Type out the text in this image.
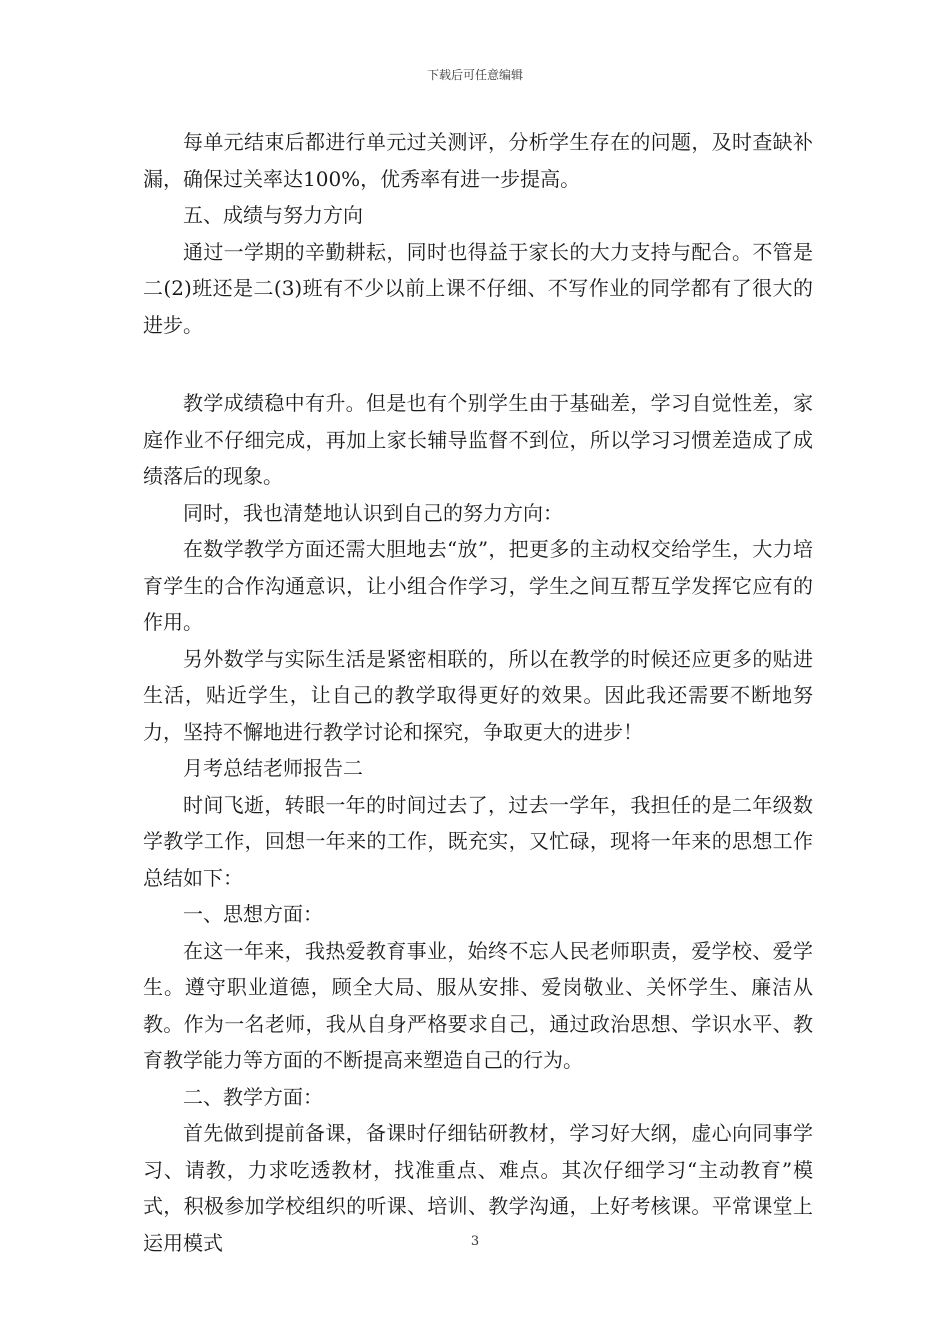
下载后可任意编辑

每单元结束后都进行单元过关测评，分析学生存在的问题，及时查缺补漏，确保过关率达100%，优秀率有进一步提高。

五、成绩与努力方向

通过一学期的辛勤耕耘，同时也得益于家长的大力支持与配合。不管是二(2)班还是二(3)班有不少以前上课不仔细、不写作业的同学都有了很大的进步。

教学成绩稳中有升。但是也有个别学生由于基础差，学习自觉性差，家庭作业不仔细完成，再加上家长辅导监督不到位，所以学习习惯差造成了成绩落后的现象。

同时，我也清楚地认识到自己的努力方向：

在数学教学方面还需大胆地去“放”，把更多的主动权交给学生，大力培育学生的合作沟通意识，让小组合作学习，学生之间互帮互学发挥它应有的作用。

另外数学与实际生活是紧密相联的，所以在教学的时候还应更多的贴进生活，贴近学生，让自己的教学取得更好的效果。因此我还需要不断地努力，坚持不懈地进行教学讨论和探究，争取更大的进步！

月考总结老师报告二

时间飞逝，转眼一年的时间过去了，过去一学年，我担任的是二年级数学教学工作，回想一年来的工作，既充实，又忙碌，现将一年来的思想工作总结如下：

一、思想方面：

在这一年来，我热爱教育事业，始终不忘人民老师职责，爱学校、爱学生。遵守职业道德，顾全大局、服从安排、爱岗敬业、关怀学生、廉洁从教。作为一名老师，我从自身严格要求自己，通过政治思想、学识水平、教育教学能力等方面的不断提高来塑造自己的行为。

二、教学方面：

首先做到提前备课，备课时仔细钻研教材，学习好大纲，虚心向同事学习、请教，力求吃透教材，找准重点、难点。其次仔细学习“主动教育”模式，积极参加学校组织的听课、培训、教学沟通，上好考核课。平常课堂上运用模式	3
